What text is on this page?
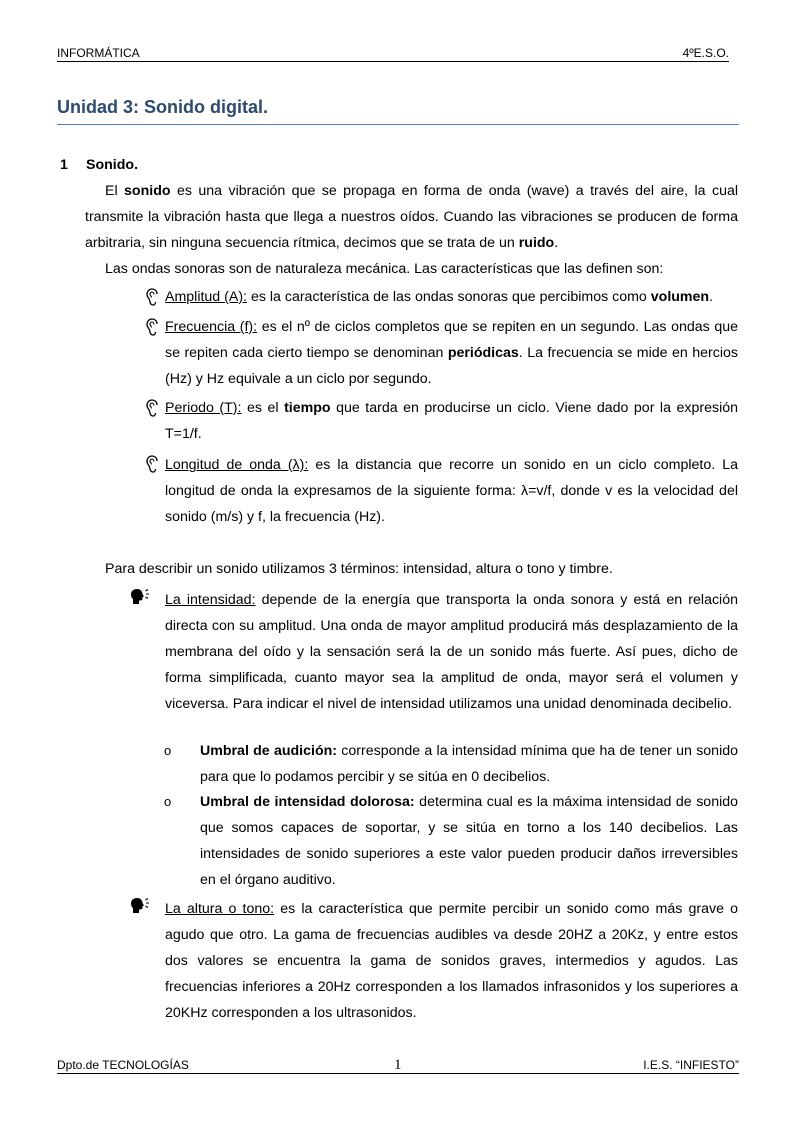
INFORMÁTICA	4ºE.S.O.
Unidad 3: Sonido digital.
1 Sonido.

El sonido es una vibración que se propaga en forma de onda (wave) a través del aire, la cual transmite la vibración hasta que llega a nuestros oídos. Cuando las vibraciones se producen de forma arbitraria, sin ninguna secuencia rítmica, decimos que se trata de un ruido.

Las ondas sonoras son de naturaleza mecánica. Las características que las definen son:

Amplitud (A): es la característica de las ondas sonoras que percibimos como volumen.

Frecuencia (f): es el nº de ciclos completos que se repiten en un segundo. Las ondas que se repiten cada cierto tiempo se denominan periódicas. La frecuencia se mide en hercios (Hz) y Hz equivale a un ciclo por segundo.

Periodo (T): es el tiempo que tarda en producirse un ciclo. Viene dado por la expresión T=1/f.

Longitud de onda (λ): es la distancia que recorre un sonido en un ciclo completo. La longitud de onda la expresamos de la siguiente forma: λ=v/f, donde v es la velocidad del sonido (m/s) y f, la frecuencia (Hz).

Para describir un sonido utilizamos 3 términos: intensidad, altura o tono y timbre.

La intensidad: depende de la energía que transporta la onda sonora y está en relación directa con su amplitud. Una onda de mayor amplitud producirá más desplazamiento de la membrana del oído y la sensación será la de un sonido más fuerte. Así pues, dicho de forma simplificada, cuanto mayor sea la amplitud de onda, mayor será el volumen y viceversa. Para indicar el nivel de intensidad utilizamos una unidad denominada decibelio.

o Umbral de audición: corresponde a la intensidad mínima que ha de tener un sonido para que lo podamos percibir y se sitúa en 0 decibelios.

o Umbral de intensidad dolorosa: determina cual es la máxima intensidad de sonido que somos capaces de soportar, y se sitúa en torno a los 140 decibelios. Las intensidades de sonido superiores a este valor pueden producir daños irreversibles en el órgano auditivo.

La altura o tono: es la característica que permite percibir un sonido como más grave o agudo que otro. La gama de frecuencias audibles va desde 20HZ a 20Kz, y entre estos dos valores se encuentra la gama de sonidos graves, intermedios y agudos. Las frecuencias inferiores a 20Hz corresponden a los llamados infrasonidos y los superiores a 20KHz corresponden a los ultrasonidos.

Dpto.de TECNOLOGÍAS	1	I.E.S. “INFIESTO”
